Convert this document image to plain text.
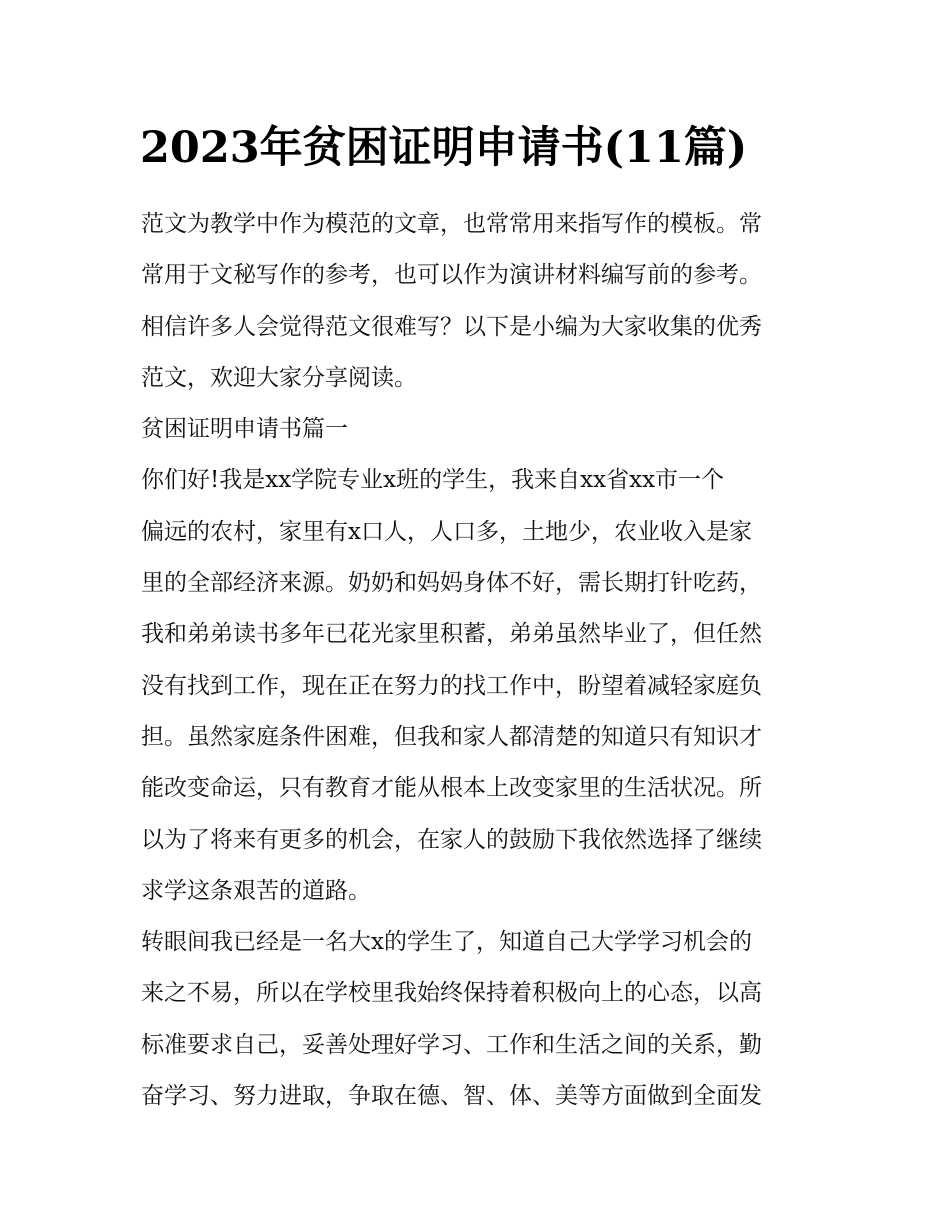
2023年贫困证明申请书(11篇)
范文为教学中作为模范的文章，也常常用来指写作的模板。常
常用于文秘写作的参考，也可以作为演讲材料编写前的参考。
相信许多人会觉得范文很难写？以下是小编为大家收集的优秀
范文，欢迎大家分享阅读。
贫困证明申请书篇一
你们好!我是xx学院专业x班的学生，我来自xx省xx市一个
偏远的农村，家里有x口人，人口多，土地少，农业收入是家
里的全部经济来源。奶奶和妈妈身体不好，需长期打针吃药，
我和弟弟读书多年已花光家里积蓄，弟弟虽然毕业了，但任然
没有找到工作，现在正在努力的找工作中，盼望着减轻家庭负
担。虽然家庭条件困难，但我和家人都清楚的知道只有知识才
能改变命运，只有教育才能从根本上改变家里的生活状况。所
以为了将来有更多的机会，在家人的鼓励下我依然选择了继续
求学这条艰苦的道路。
转眼间我已经是一名大x的学生了，知道自己大学学习机会的
来之不易，所以在学校里我始终保持着积极向上的心态，以高
标准要求自己，妥善处理好学习、工作和生活之间的关系，勤
奋学习、努力进取，争取在德、智、体、美等方面做到全面发
